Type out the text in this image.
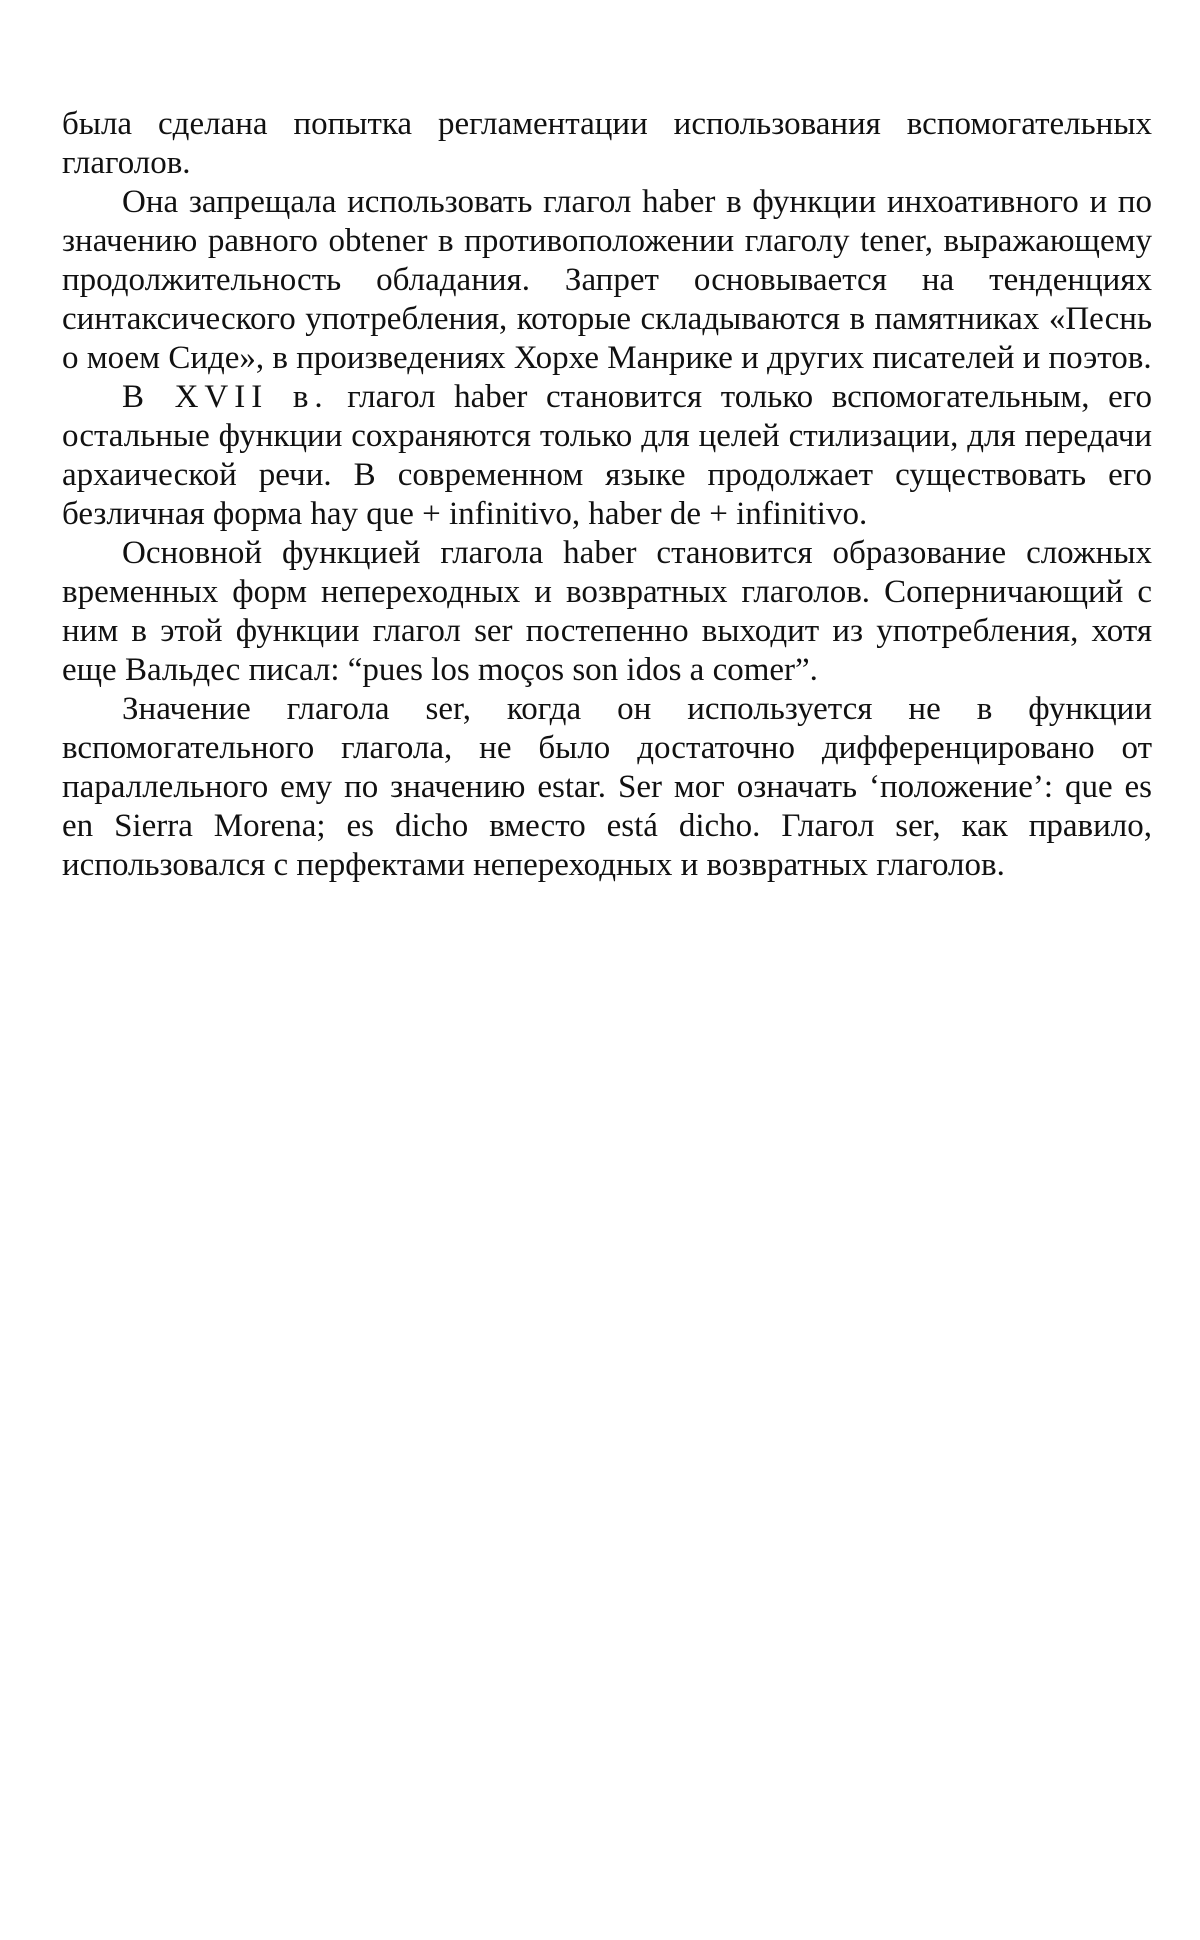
была сделана попытка регламентации использования вспомогательных глаголов.

Она запрещала использовать глагол haber в функции инхоативного и по значению равного obtener в противоположении глаголу tener, выражающему продолжительность обладания. Запрет основывается на тенденциях синтаксического употребления, которые складываются в памятниках «Песнь о моем Сиде», в произведениях Хорхе Манрике и других писателей и поэтов.

В XVII в. глагол haber становится только вспомогательным, его остальные функции сохраняются только для целей стилизации, для передачи архаической речи. В современном языке продолжает существовать его безличная форма hay que + infinitivo, haber de + infinitivo.

Основной функцией глагола haber становится образование сложных временных форм непереходных и возвратных глаголов. Соперничающий с ним в этой функции глагол ser постепенно выходит из употребления, хотя еще Вальдес писал: “pues los moços son idos a comer”.

Значение глагола ser, когда он используется не в функции вспомогательного глагола, не было достаточно дифференцировано от параллельного ему по значению estar. Ser мог означать ‘положение’: que es en Sierra Morena; es dicho вместо está dicho. Глагол ser, как правило, использовался с перфектами непереходных и возвратных глаголов.
